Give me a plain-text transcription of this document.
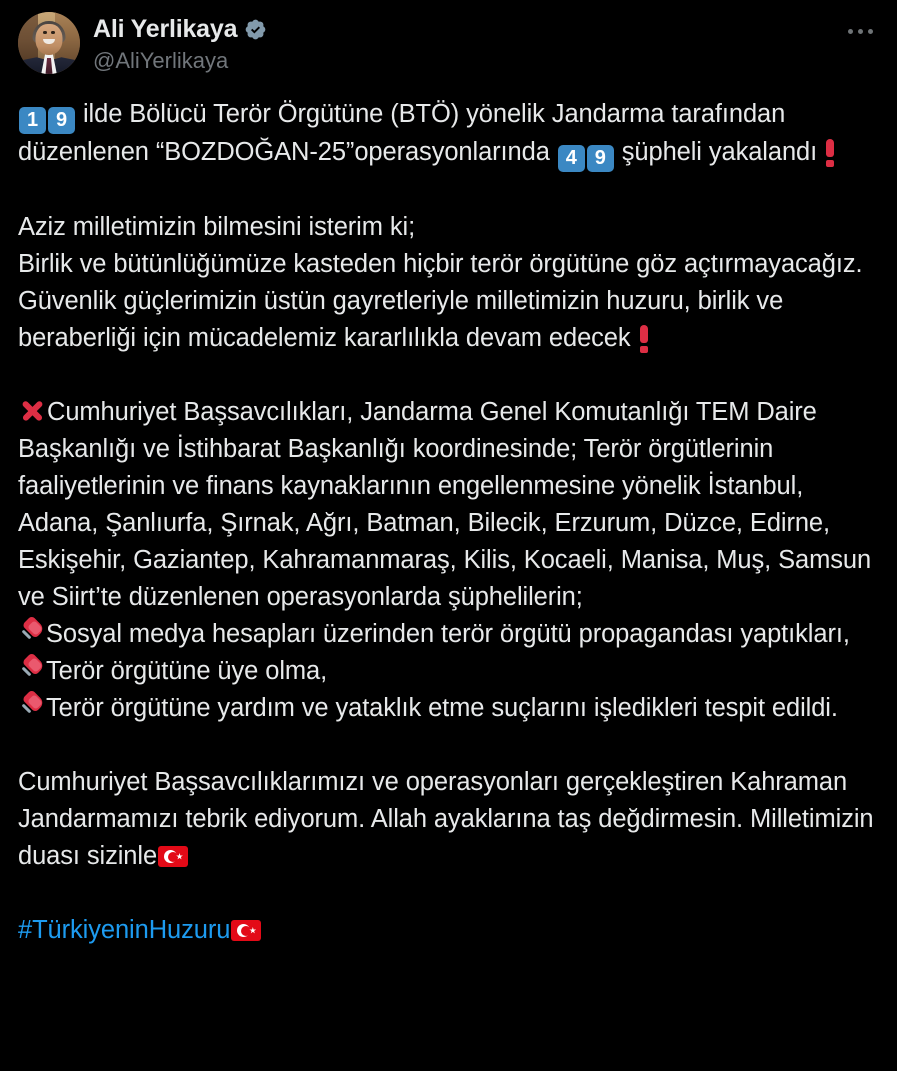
Ali Yerlikaya
@AliYerlikaya

1 9 ilde Bölücü Terör Örgütüne (BTÖ) yönelik Jandarma tarafından düzenlenen “BOZDOĞAN-25”operasyonlarında 4 9 şüpheli yakalandı

Aziz milletimizin bilmesini isterim ki;

Birlik ve bütünlüğümüze kasteden hiçbir terör örgütüne göz açtırmayacağız. Güvenlik güçlerimizin üstün gayretleriyle milletimizin huzuru, birlik ve beraberliği için mücadelemiz kararlılıkla devam edecek

Cumhuriyet Başsavcılıkları, Jandarma Genel Komutanlığı TEM Daire Başkanlığı ve İstihbarat Başkanlığı koordinesinde; Terör örgütlerinin faaliyetlerinin ve finans kaynaklarının engellenmesine yönelik İstanbul, Adana, Şanlıurfa, Şırnak, Ağrı, Batman, Bilecik, Erzurum, Düzce, Edirne, Eskişehir, Gaziantep, Kahramanmaraş, Kilis, Kocaeli, Manisa, Muş, Samsun ve Siirt’te düzenlenen operasyonlarda şüphelilerin;

Sosyal medya hesapları üzerinden terör örgütü propagandası yaptıkları,

Terör örgütüne üye olma,

Terör örgütüne yardım ve yataklık etme suçlarını işledikleri tespit edildi.

Cumhuriyet Başsavcılıklarımızı ve operasyonları gerçekleştiren Kahraman Jandarmamızı tebrik ediyorum. Allah ayaklarına taş değdirmesin. Milletimizin duası sizinle

#TürkiyeninHuzuru
